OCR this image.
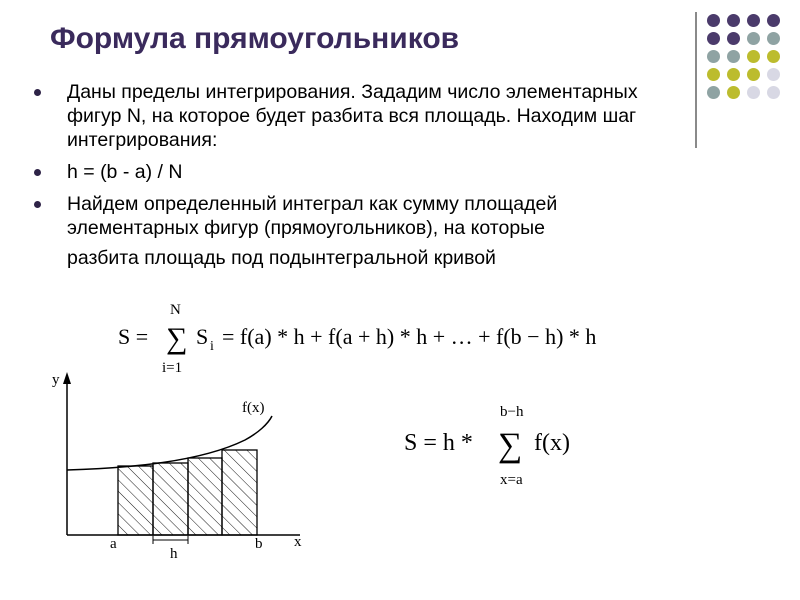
Формула прямоугольников
Даны пределы интегрирования. Зададим число элементарных фигур N, на которое будет разбита вся площадь. Находим шаг интегрирования:
h = (b - a) / N
Найдем определенный интеграл как сумму площадей элементарных фигур (прямоугольников), на которые
разбита площадь под подынтегральной кривой
S =
N
∑
i=1
S i = f(a) * h + f(a + h) * h + … + f(b − h) * h
S = h *
b−h
∑
x=a
f(x)
y
x
f(x)
a	b
h
